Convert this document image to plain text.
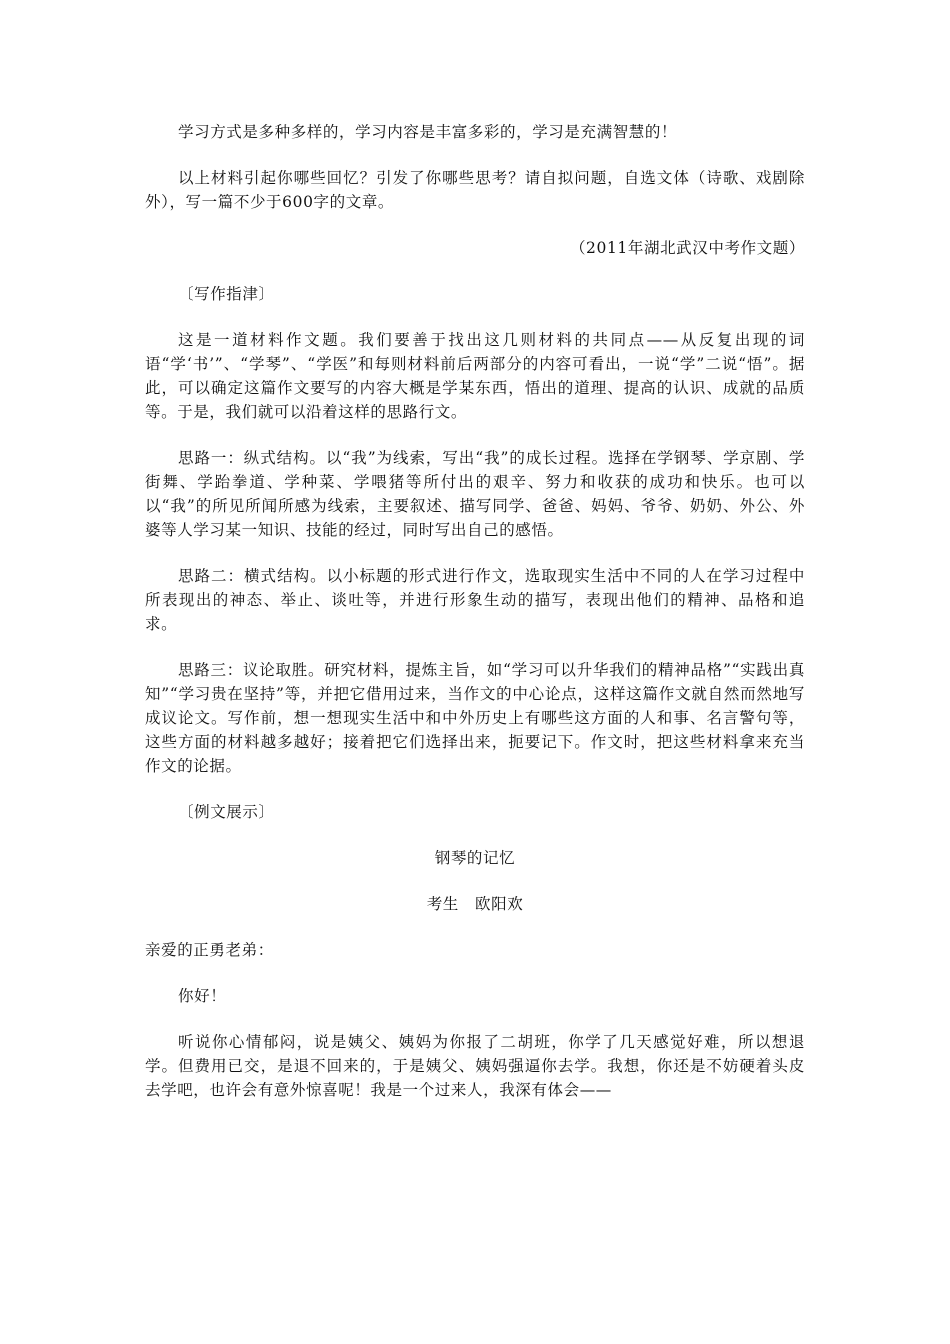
学习方式是多种多样的，学习内容是丰富多彩的，学习是充满智慧的！

以上材料引起你哪些回忆？引发了你哪些思考？请自拟问题，自选文体（诗歌、戏剧除外），写一篇不少于600字的文章。

（2011年湖北武汉中考作文题）

〔写作指津〕

这是一道材料作文题。我们要善于找出这几则材料的共同点——从反复出现的词语“学‘书’”、“学琴”、“学医”和每则材料前后两部分的内容可看出，一说“学”二说“悟”。据此，可以确定这篇作文要写的内容大概是学某东西，悟出的道理、提高的认识、成就的品质等。于是，我们就可以沿着这样的思路行文。

思路一：纵式结构。以“我”为线索，写出“我”的成长过程。选择在学钢琴、学京剧、学街舞、学跆拳道、学种菜、学喂猪等所付出的艰辛、努力和收获的成功和快乐。也可以以“我”的所见所闻所感为线索，主要叙述、描写同学、爸爸、妈妈、爷爷、奶奶、外公、外婆等人学习某一知识、技能的经过，同时写出自己的感悟。

思路二：横式结构。以小标题的形式进行作文，选取现实生活中不同的人在学习过程中所表现出的神态、举止、谈吐等，并进行形象生动的描写，表现出他们的精神、品格和追求。

思路三：议论取胜。研究材料，提炼主旨，如“学习可以升华我们的精神品格”“实践出真知”“学习贵在坚持”等，并把它借用过来，当作文的中心论点，这样这篇作文就自然而然地写成议论文。写作前，想一想现实生活中和中外历史上有哪些这方面的人和事、名言警句等，这些方面的材料越多越好；接着把它们选择出来，扼要记下。作文时，把这些材料拿来充当作文的论据。

〔例文展示〕

钢琴的记忆

考生　欧阳欢

亲爱的正勇老弟：

你好！

听说你心情郁闷，说是姨父、姨妈为你报了二胡班，你学了几天感觉好难，所以想退学。但费用已交，是退不回来的，于是姨父、姨妈强逼你去学。我想，你还是不妨硬着头皮去学吧，也许会有意外惊喜呢！我是一个过来人，我深有体会——
